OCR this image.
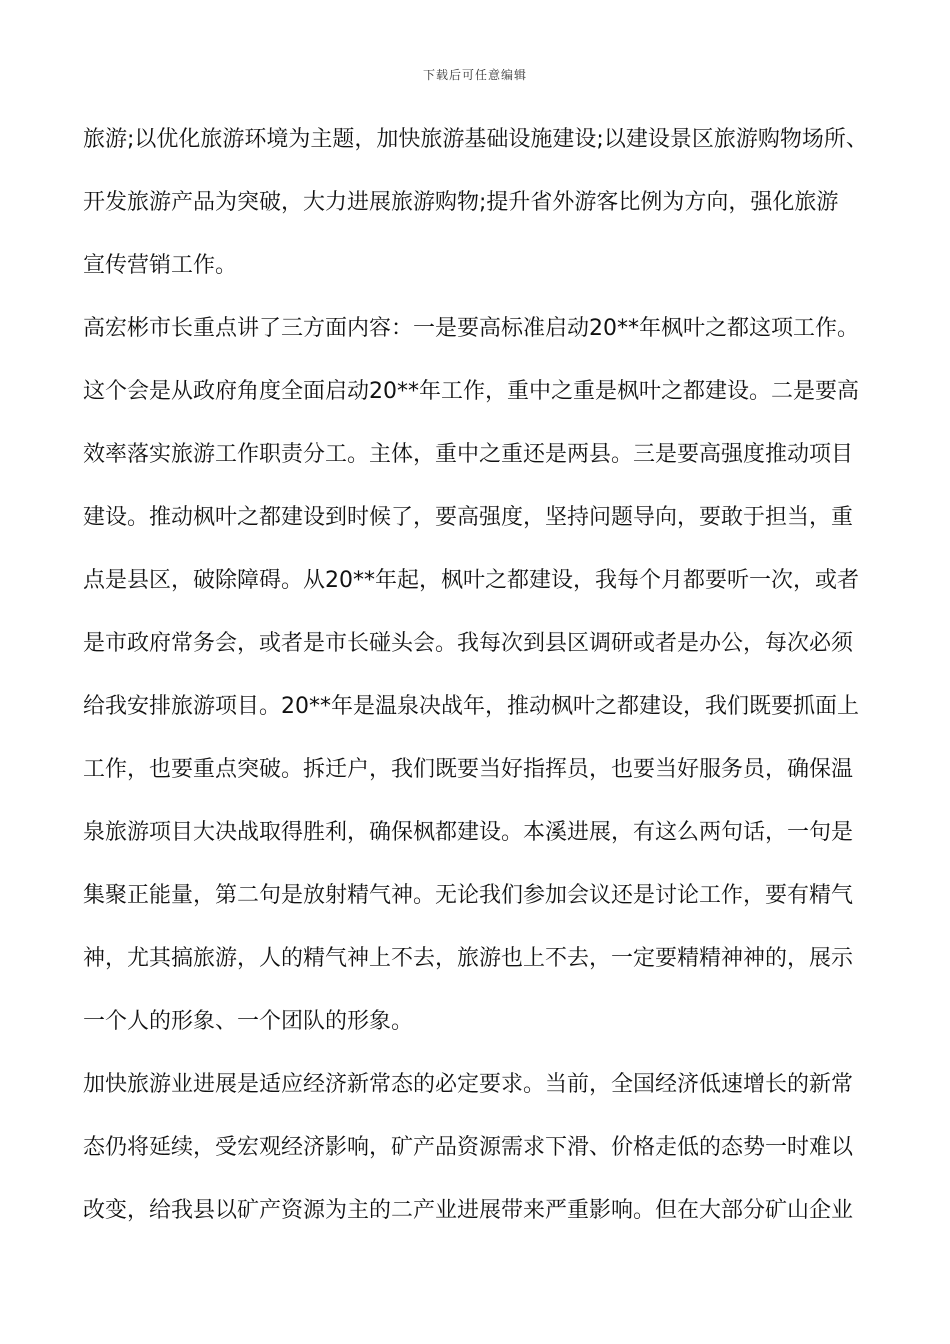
下载后可任意编辑
旅游;以优化旅游环境为主题，加快旅游基础设施建设;以建设景区旅游购物场所、
开发旅游产品为突破，大力进展旅游购物;提升省外游客比例为方向，强化旅游
宣传营销工作。
高宏彬市长重点讲了三方面内容：一是要高标准启动20**年枫叶之都这项工作。
这个会是从政府角度全面启动20**年工作，重中之重是枫叶之都建设。二是要高
效率落实旅游工作职责分工。主体，重中之重还是两县。三是要高强度推动项目
建设。推动枫叶之都建设到时候了，要高强度，坚持问题导向，要敢于担当，重
点是县区，破除障碍。从20**年起，枫叶之都建设，我每个月都要听一次，或者
是市政府常务会，或者是市长碰头会。我每次到县区调研或者是办公，每次必须
给我安排旅游项目。20**年是温泉决战年，推动枫叶之都建设，我们既要抓面上
工作，也要重点突破。拆迁户，我们既要当好指挥员，也要当好服务员，确保温
泉旅游项目大决战取得胜利，确保枫都建设。本溪进展，有这么两句话，一句是
集聚正能量，第二句是放射精气神。无论我们参加会议还是讨论工作，要有精气
神，尤其搞旅游，人的精气神上不去，旅游也上不去，一定要精精神神的，展示
一个人的形象、一个团队的形象。
加快旅游业进展是适应经济新常态的必定要求。当前，全国经济低速增长的新常
态仍将延续，受宏观经济影响，矿产品资源需求下滑、价格走低的态势一时难以
改变，给我县以矿产资源为主的二产业进展带来严重影响。但在大部分矿山企业
